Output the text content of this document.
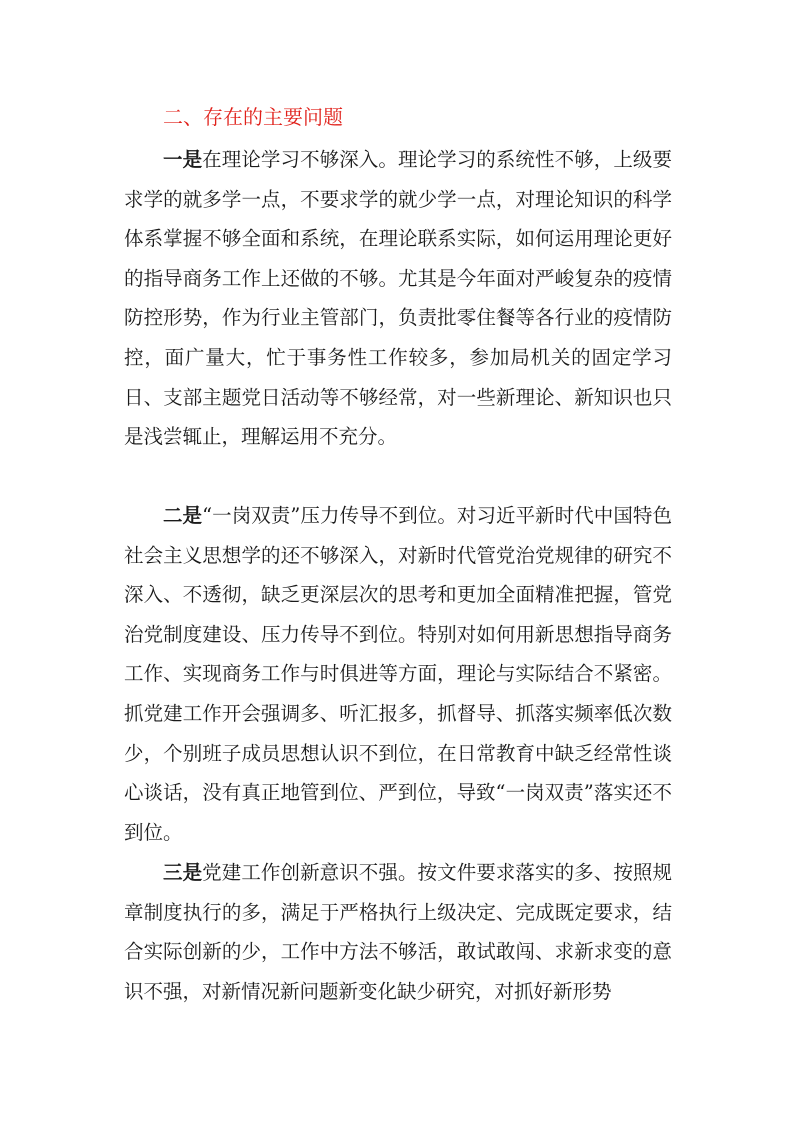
二、存在的主要问题

一是在理论学习不够深入。理论学习的系统性不够，上级要求学的就多学一点，不要求学的就少学一点，对理论知识的科学体系掌握不够全面和系统，在理论联系实际，如何运用理论更好的指导商务工作上还做的不够。尤其是今年面对严峻复杂的疫情防控形势，作为行业主管部门，负责批零住餐等各行业的疫情防控，面广量大，忙于事务性工作较多，参加局机关的固定学习日、支部主题党日活动等不够经常，对一些新理论、新知识也只是浅尝辄止，理解运用不充分。

二是“一岗双责”压力传导不到位。对习近平新时代中国特色社会主义思想学的还不够深入，对新时代管党治党规律的研究不深入、不透彻，缺乏更深层次的思考和更加全面精准把握，管党治党制度建设、压力传导不到位。特别对如何用新思想指导商务工作、实现商务工作与时俱进等方面，理论与实际结合不紧密。抓党建工作开会强调多、听汇报多，抓督导、抓落实频率低次数少，个别班子成员思想认识不到位，在日常教育中缺乏经常性谈心谈话，没有真正地管到位、严到位，导致“一岗双责”落实还不到位。

三是党建工作创新意识不强。按文件要求落实的多、按照规章制度执行的多，满足于严格执行上级决定、完成既定要求，结合实际创新的少，工作中方法不够活，敢试敢闯、求新求变的意识不强，对新情况新问题新变化缺少研究，对抓好新形势
